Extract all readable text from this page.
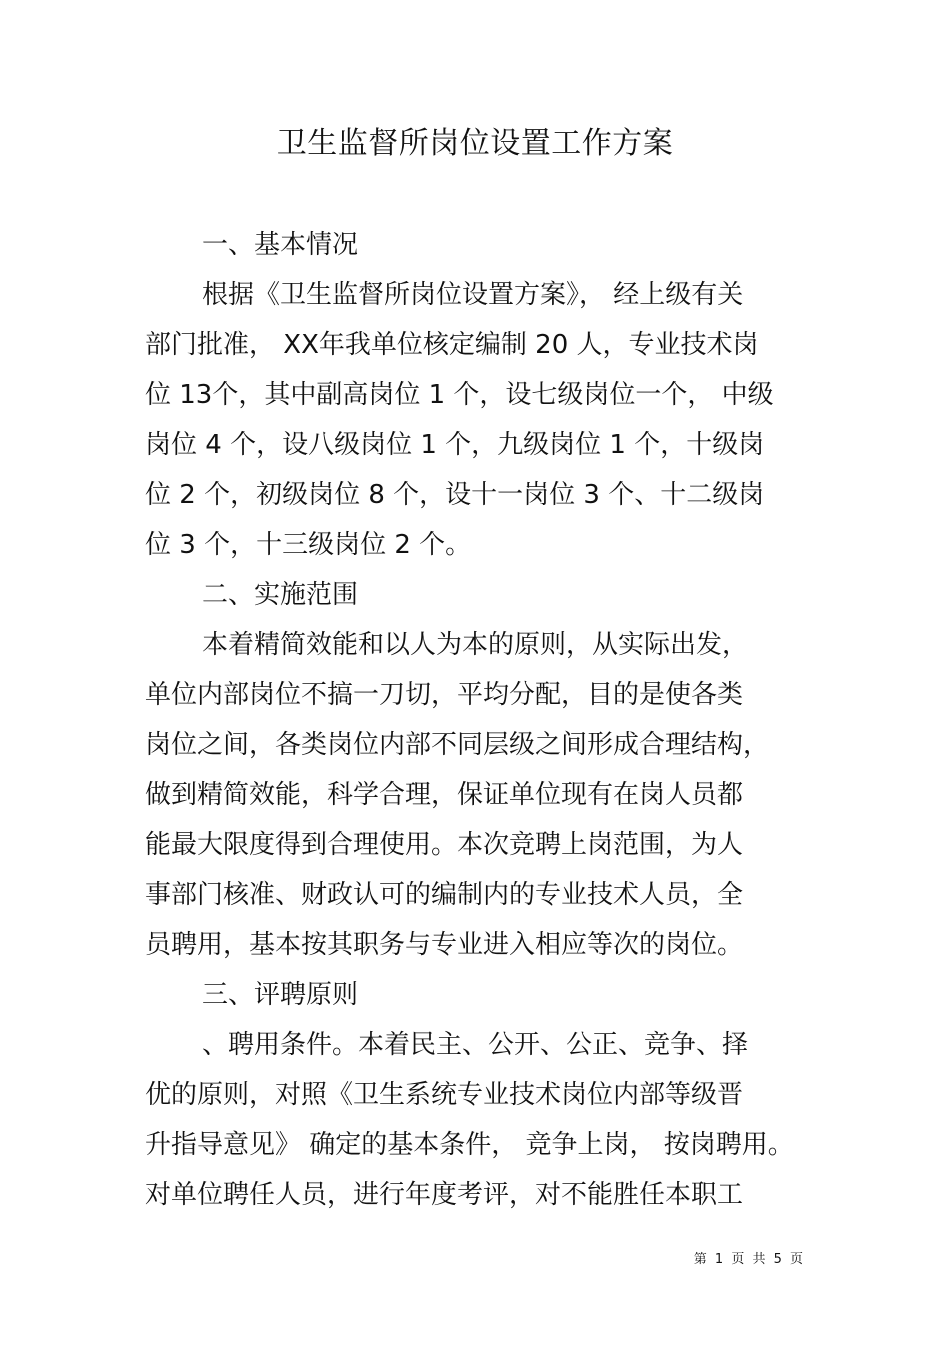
卫生监督所岗位设置工作方案
一、基本情况
根据《卫生监督所岗位设置方案》， 经上级有关
部门批准， XX年我单位核定编制 20 人，专业技术岗
位 13个，其中副高岗位 1 个，设七级岗位一个， 中级
岗位 4 个，设八级岗位 1 个，九级岗位 1 个，十级岗
位 2 个，初级岗位 8 个，设十一岗位 3 个、十二级岗
位 3 个，十三级岗位 2 个。
二、实施范围
本着精简效能和以人为本的原则，从实际出发，
单位内部岗位不搞一刀切，平均分配，目的是使各类
岗位之间，各类岗位内部不同层级之间形成合理结构，
做到精简效能，科学合理，保证单位现有在岗人员都
能最大限度得到合理使用。本次竞聘上岗范围，为人
事部门核准、财政认可的编制内的专业技术人员，全
员聘用，基本按其职务与专业进入相应等次的岗位。
三、评聘原则
、聘用条件。本着民主、公开、公正、竞争、择
优的原则，对照《卫生系统专业技术岗位内部等级晋
升指导意见》 确定的基本条件， 竞争上岗， 按岗聘用。
对单位聘任人员，进行年度考评，对不能胜任本职工
第 1 页 共 5 页
